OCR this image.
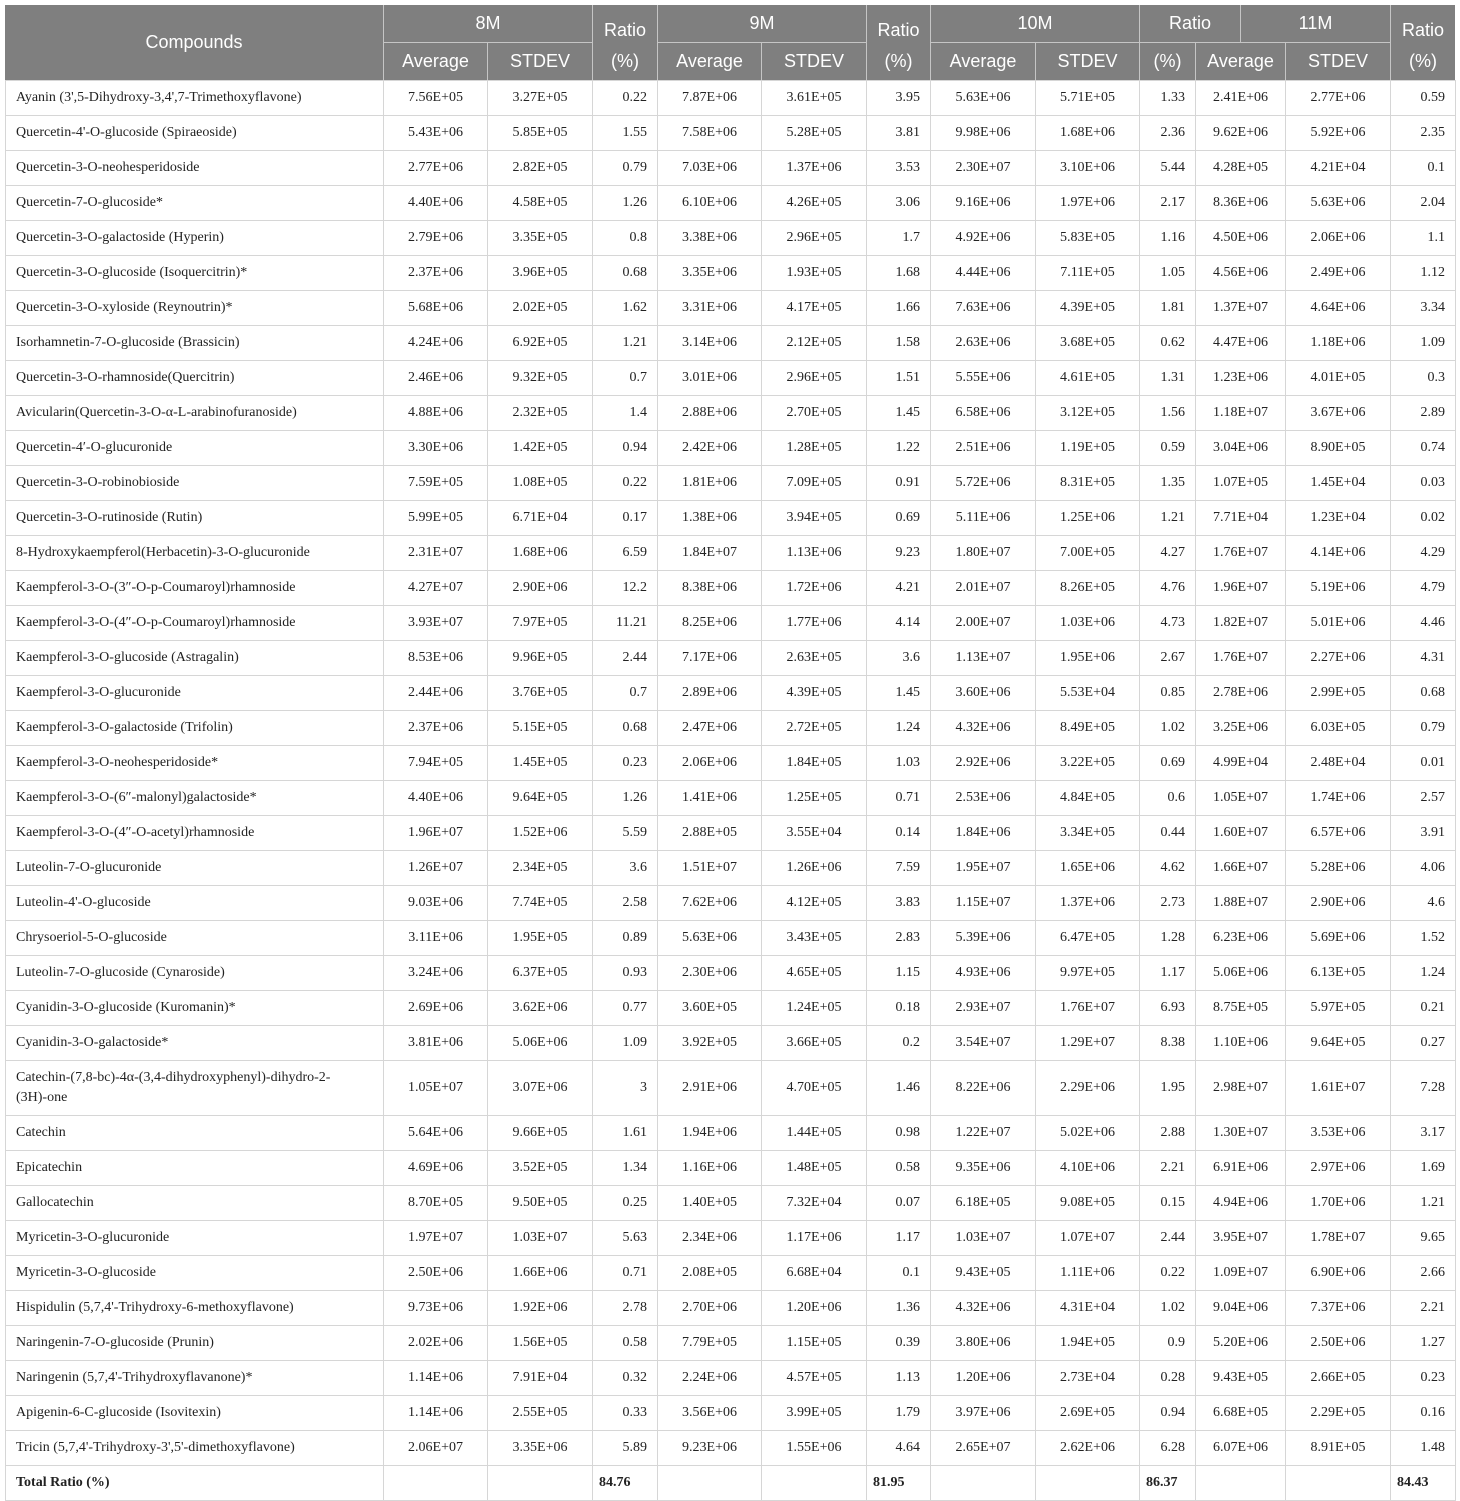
Compounds
8M	Ratio	9M	Ratio	10M	Ratio	11M	Ratio
Average	STDEV	(%)	Average	STDEV	(%)	Average	STDEV	(%)	Average	STDEV	(%)
Ayanin (3',5-Dihydroxy-3,4',7-Trimethoxyflavone)	7.56E+05	3.27E+05	0.22	7.87E+06	3.61E+05	3.95	5.63E+06	5.71E+05	1.33	2.41E+06	2.77E+06	0.59
Quercetin-4'-O-glucoside (Spiraeoside)	5.43E+06	5.85E+05	1.55	7.58E+06	5.28E+05	3.81	9.98E+06	1.68E+06	2.36	9.62E+06	5.92E+06	2.35
Quercetin-3-O-neohesperidoside	2.77E+06	2.82E+05	0.79	7.03E+06	1.37E+06	3.53	2.30E+07	3.10E+06	5.44	4.28E+05	4.21E+04	0.1
Quercetin-7-O-glucoside*	4.40E+06	4.58E+05	1.26	6.10E+06	4.26E+05	3.06	9.16E+06	1.97E+06	2.17	8.36E+06	5.63E+06	2.04
Quercetin-3-O-galactoside (Hyperin)	2.79E+06	3.35E+05	0.8	3.38E+06	2.96E+05	1.7	4.92E+06	5.83E+05	1.16	4.50E+06	2.06E+06	1.1
Quercetin-3-O-glucoside (Isoquercitrin)*	2.37E+06	3.96E+05	0.68	3.35E+06	1.93E+05	1.68	4.44E+06	7.11E+05	1.05	4.56E+06	2.49E+06	1.12
Quercetin-3-O-xyloside (Reynoutrin)*	5.68E+06	2.02E+05	1.62	3.31E+06	4.17E+05	1.66	7.63E+06	4.39E+05	1.81	1.37E+07	4.64E+06	3.34
Isorhamnetin-7-O-glucoside (Brassicin)	4.24E+06	6.92E+05	1.21	3.14E+06	2.12E+05	1.58	2.63E+06	3.68E+05	0.62	4.47E+06	1.18E+06	1.09
Quercetin-3-O-rhamnoside(Quercitrin)	2.46E+06	9.32E+05	0.7	3.01E+06	2.96E+05	1.51	5.55E+06	4.61E+05	1.31	1.23E+06	4.01E+05	0.3
Avicularin(Quercetin-3-O-α-L-arabinofuranoside)	4.88E+06	2.32E+05	1.4	2.88E+06	2.70E+05	1.45	6.58E+06	3.12E+05	1.56	1.18E+07	3.67E+06	2.89
Quercetin-4′-O-glucuronide	3.30E+06	1.42E+05	0.94	2.42E+06	1.28E+05	1.22	2.51E+06	1.19E+05	0.59	3.04E+06	8.90E+05	0.74
Quercetin-3-O-robinobioside	7.59E+05	1.08E+05	0.22	1.81E+06	7.09E+05	0.91	5.72E+06	8.31E+05	1.35	1.07E+05	1.45E+04	0.03
Quercetin-3-O-rutinoside (Rutin)	5.99E+05	6.71E+04	0.17	1.38E+06	3.94E+05	0.69	5.11E+06	1.25E+06	1.21	7.71E+04	1.23E+04	0.02
8-Hydroxykaempferol(Herbacetin)-3-O-glucuronide	2.31E+07	1.68E+06	6.59	1.84E+07	1.13E+06	9.23	1.80E+07	7.00E+05	4.27	1.76E+07	4.14E+06	4.29
Kaempferol-3-O-(3″-O-p-Coumaroyl)rhamnoside	4.27E+07	2.90E+06	12.2	8.38E+06	1.72E+06	4.21	2.01E+07	8.26E+05	4.76	1.96E+07	5.19E+06	4.79
Kaempferol-3-O-(4″-O-p-Coumaroyl)rhamnoside	3.93E+07	7.97E+05	11.21	8.25E+06	1.77E+06	4.14	2.00E+07	1.03E+06	4.73	1.82E+07	5.01E+06	4.46
Kaempferol-3-O-glucoside (Astragalin)	8.53E+06	9.96E+05	2.44	7.17E+06	2.63E+05	3.6	1.13E+07	1.95E+06	2.67	1.76E+07	2.27E+06	4.31
Kaempferol-3-O-glucuronide	2.44E+06	3.76E+05	0.7	2.89E+06	4.39E+05	1.45	3.60E+06	5.53E+04	0.85	2.78E+06	2.99E+05	0.68
Kaempferol-3-O-galactoside (Trifolin)	2.37E+06	5.15E+05	0.68	2.47E+06	2.72E+05	1.24	4.32E+06	8.49E+05	1.02	3.25E+06	6.03E+05	0.79
Kaempferol-3-O-neohesperidoside*	7.94E+05	1.45E+05	0.23	2.06E+06	1.84E+05	1.03	2.92E+06	3.22E+05	0.69	4.99E+04	2.48E+04	0.01
Kaempferol-3-O-(6″-malonyl)galactoside*	4.40E+06	9.64E+05	1.26	1.41E+06	1.25E+05	0.71	2.53E+06	4.84E+05	0.6	1.05E+07	1.74E+06	2.57
Kaempferol-3-O-(4″-O-acetyl)rhamnoside	1.96E+07	1.52E+06	5.59	2.88E+05	3.55E+04	0.14	1.84E+06	3.34E+05	0.44	1.60E+07	6.57E+06	3.91
Luteolin-7-O-glucuronide	1.26E+07	2.34E+05	3.6	1.51E+07	1.26E+06	7.59	1.95E+07	1.65E+06	4.62	1.66E+07	5.28E+06	4.06
Luteolin-4'-O-glucoside	9.03E+06	7.74E+05	2.58	7.62E+06	4.12E+05	3.83	1.15E+07	1.37E+06	2.73	1.88E+07	2.90E+06	4.6
Chrysoeriol-5-O-glucoside	3.11E+06	1.95E+05	0.89	5.63E+06	3.43E+05	2.83	5.39E+06	6.47E+05	1.28	6.23E+06	5.69E+06	1.52
Luteolin-7-O-glucoside (Cynaroside)	3.24E+06	6.37E+05	0.93	2.30E+06	4.65E+05	1.15	4.93E+06	9.97E+05	1.17	5.06E+06	6.13E+05	1.24
Cyanidin-3-O-glucoside (Kuromanin)*	2.69E+06	3.62E+06	0.77	3.60E+05	1.24E+05	0.18	2.93E+07	1.76E+07	6.93	8.75E+05	5.97E+05	0.21
Cyanidin-3-O-galactoside*	3.81E+06	5.06E+06	1.09	3.92E+05	3.66E+05	0.2	3.54E+07	1.29E+07	8.38	1.10E+06	9.64E+05	0.27
Catechin-(7,8-bc)-4α-(3,4-dihydroxyphenyl)-dihydro-2-(3H)-one	1.05E+07	3.07E+06	3	2.91E+06	4.70E+05	1.46	8.22E+06	2.29E+06	1.95	2.98E+07	1.61E+07	7.28
Catechin	5.64E+06	9.66E+05	1.61	1.94E+06	1.44E+05	0.98	1.22E+07	5.02E+06	2.88	1.30E+07	3.53E+06	3.17
Epicatechin	4.69E+06	3.52E+05	1.34	1.16E+06	1.48E+05	0.58	9.35E+06	4.10E+06	2.21	6.91E+06	2.97E+06	1.69
Gallocatechin	8.70E+05	9.50E+05	0.25	1.40E+05	7.32E+04	0.07	6.18E+05	9.08E+05	0.15	4.94E+06	1.70E+06	1.21
Myricetin-3-O-glucuronide	1.97E+07	1.03E+07	5.63	2.34E+06	1.17E+06	1.17	1.03E+07	1.07E+07	2.44	3.95E+07	1.78E+07	9.65
Myricetin-3-O-glucoside	2.50E+06	1.66E+06	0.71	2.08E+05	6.68E+04	0.1	9.43E+05	1.11E+06	0.22	1.09E+07	6.90E+06	2.66
Hispidulin (5,7,4'-Trihydroxy-6-methoxyflavone)	9.73E+06	1.92E+06	2.78	2.70E+06	1.20E+06	1.36	4.32E+06	4.31E+04	1.02	9.04E+06	7.37E+06	2.21
Naringenin-7-O-glucoside (Prunin)	2.02E+06	1.56E+05	0.58	7.79E+05	1.15E+05	0.39	3.80E+06	1.94E+05	0.9	5.20E+06	2.50E+06	1.27
Naringenin (5,7,4'-Trihydroxyflavanone)*	1.14E+06	7.91E+04	0.32	2.24E+06	4.57E+05	1.13	1.20E+06	2.73E+04	0.28	9.43E+05	2.66E+05	0.23
Apigenin-6-C-glucoside (Isovitexin)	1.14E+06	2.55E+05	0.33	3.56E+06	3.99E+05	1.79	3.97E+06	2.69E+05	0.94	6.68E+05	2.29E+05	0.16
Tricin (5,7,4'-Trihydroxy-3',5'-dimethoxyflavone)	2.06E+07	3.35E+06	5.89	9.23E+06	1.55E+06	4.64	2.65E+07	2.62E+06	6.28	6.07E+06	8.91E+05	1.48
Total Ratio (%)			84.76			81.95			86.37			84.43
